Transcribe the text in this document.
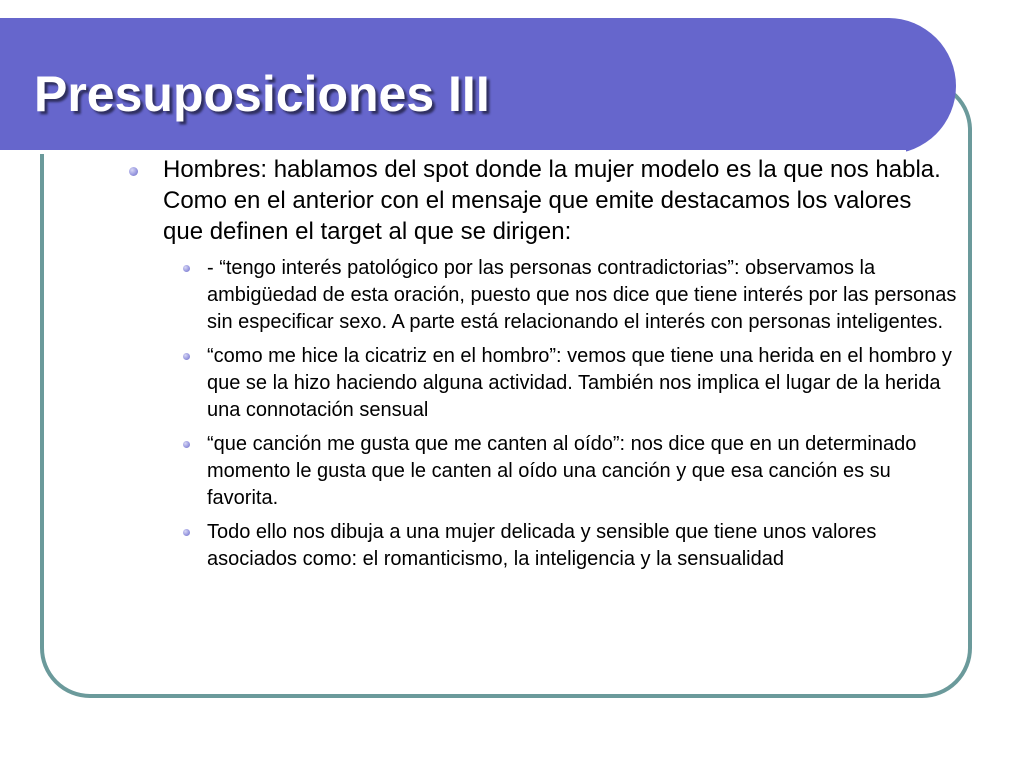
Presuposiciones III
Hombres: hablamos del spot donde la mujer modelo es la que nos habla. Como en el anterior con el mensaje que emite destacamos los valores que definen el target al que se dirigen:
- “tengo interés patológico por las personas contradictorias”: observamos la ambigüedad de esta oración, puesto que nos dice que tiene interés por las personas sin especificar sexo. A parte está relacionando el interés con personas inteligentes.
“como me hice la cicatriz en el hombro”: vemos que tiene una herida en el hombro y que se la hizo haciendo alguna actividad. También nos implica el lugar de la herida una connotación sensual
“que canción me gusta que me canten al oído”: nos dice que en un determinado momento le gusta que le canten al oído una canción y que esa canción es su favorita.
Todo ello nos dibuja a una mujer delicada y sensible que tiene unos valores asociados como: el romanticismo, la inteligencia y la sensualidad
